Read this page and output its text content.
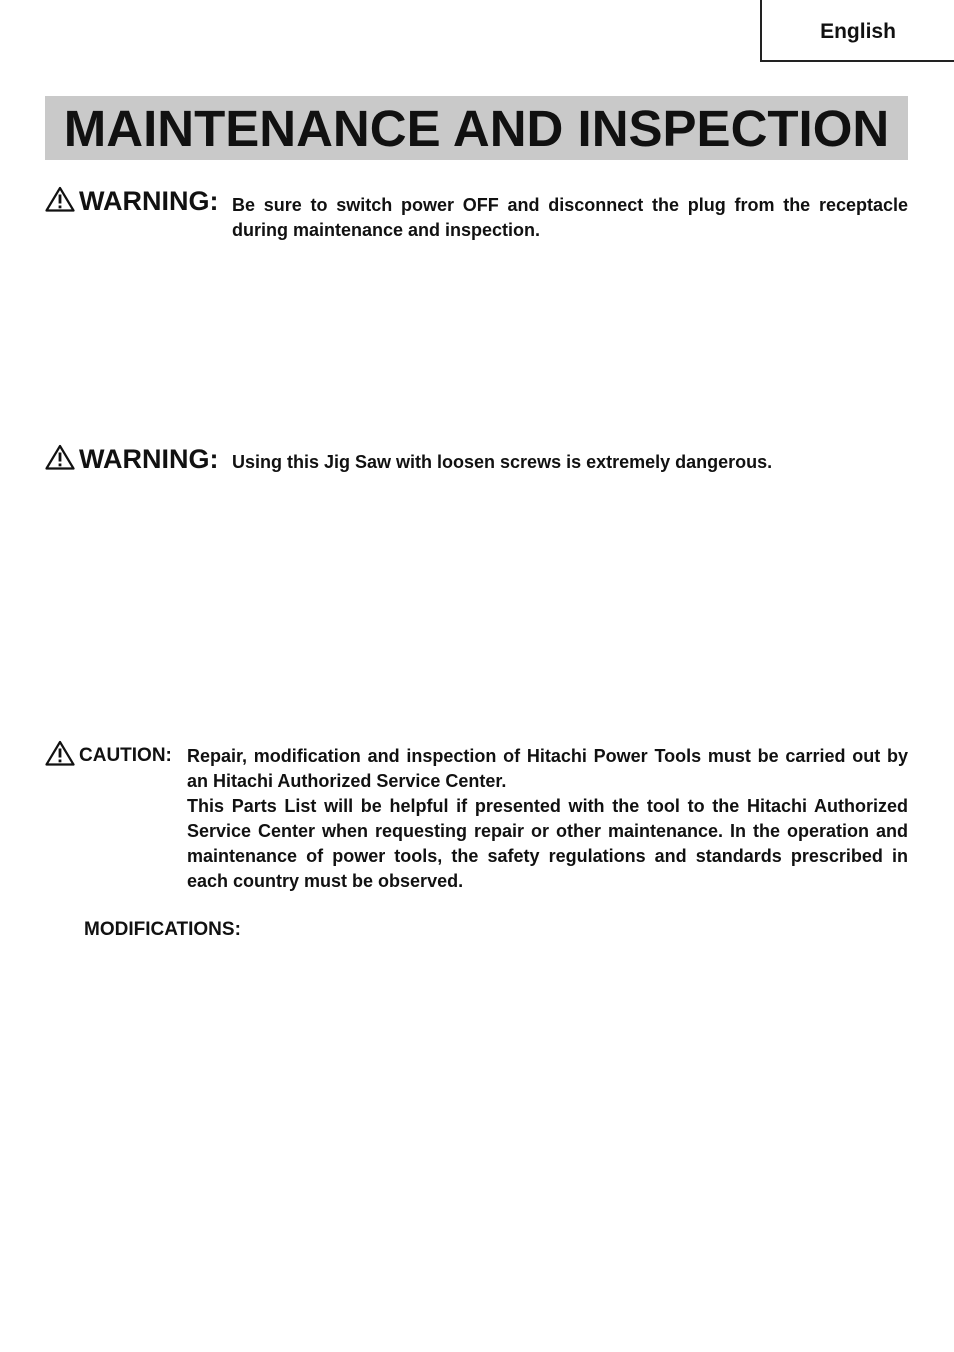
English
MAINTENANCE AND INSPECTION
WARNING: Be sure to switch power OFF and disconnect the plug from the receptacle during maintenance and inspection.

WARNING: Using this Jig Saw with loosen screws is extremely dangerous.

CAUTION: Repair, modification and inspection of Hitachi Power Tools must be carried out by an Hitachi Authorized Service Center.

This Parts List will be helpful if presented with the tool to the Hitachi Authorized Service Center when requesting repair or other maintenance. In the operation and maintenance of power tools, the safety regulations and standards prescribed in each country must be observed.

MODIFICATIONS:
